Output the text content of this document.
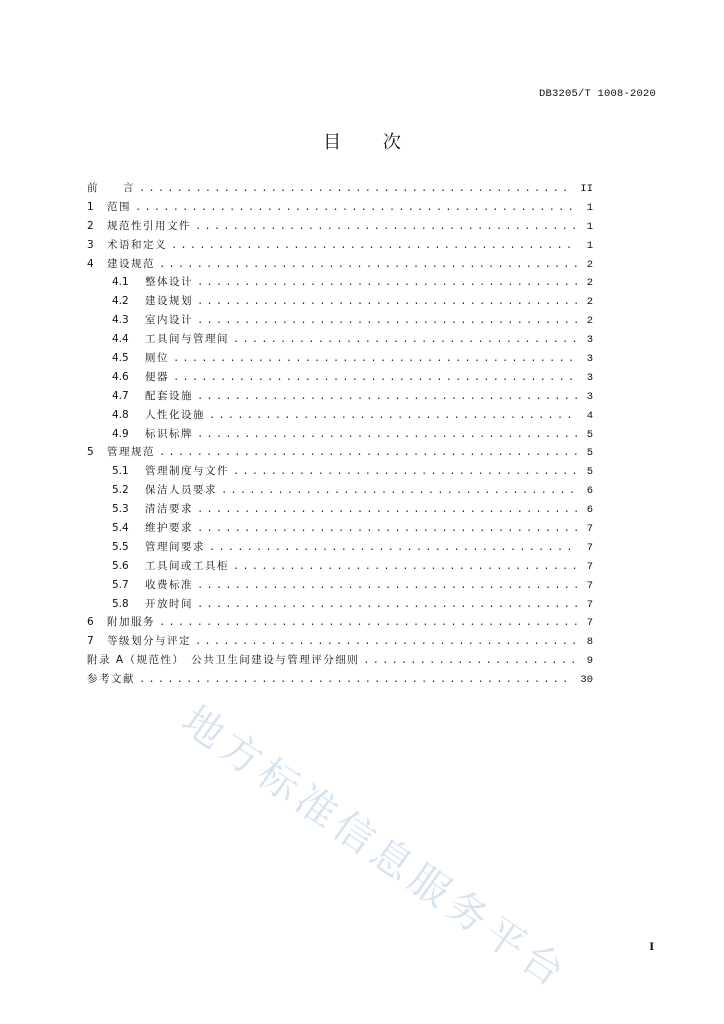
DB3205/T 1008-2020
目 次
前　　言 .....	II
1	范围 .....	1
2	规范性引用文件 .....	1
3	术语和定义 .....	1
4	建设规范 .....	2
4.1	整体设计 .....	2
4.2	建设规划 .....	2
4.3	室内设计 .....	2
4.4	工具间与管理间 .....	3
4.5	厕位 .....	3
4.6	便器 .....	3
4.7	配套设施 .....	3
4.8	人性化设施 .....	4
4.9	标识标牌 .....	5
5	管理规范 .....	5
5.1	管理制度与文件 .....	5
5.2	保洁人员要求 .....	6
5.3	清洁要求 .....	6
5.4	维护要求 .....	7
5.5	管理间要求 .....	7
5.6	工具间或工具柜 .....	7
5.7	收费标准 .....	7
5.8	开放时间 .....	7
6	附加服务 .....	7
7	等级划分与评定 .....	8
附录 A（规范性）　公共卫生间建设与管理评分细则 .....	9
参考文献 .....	30
地方标准信息服务平台	I
